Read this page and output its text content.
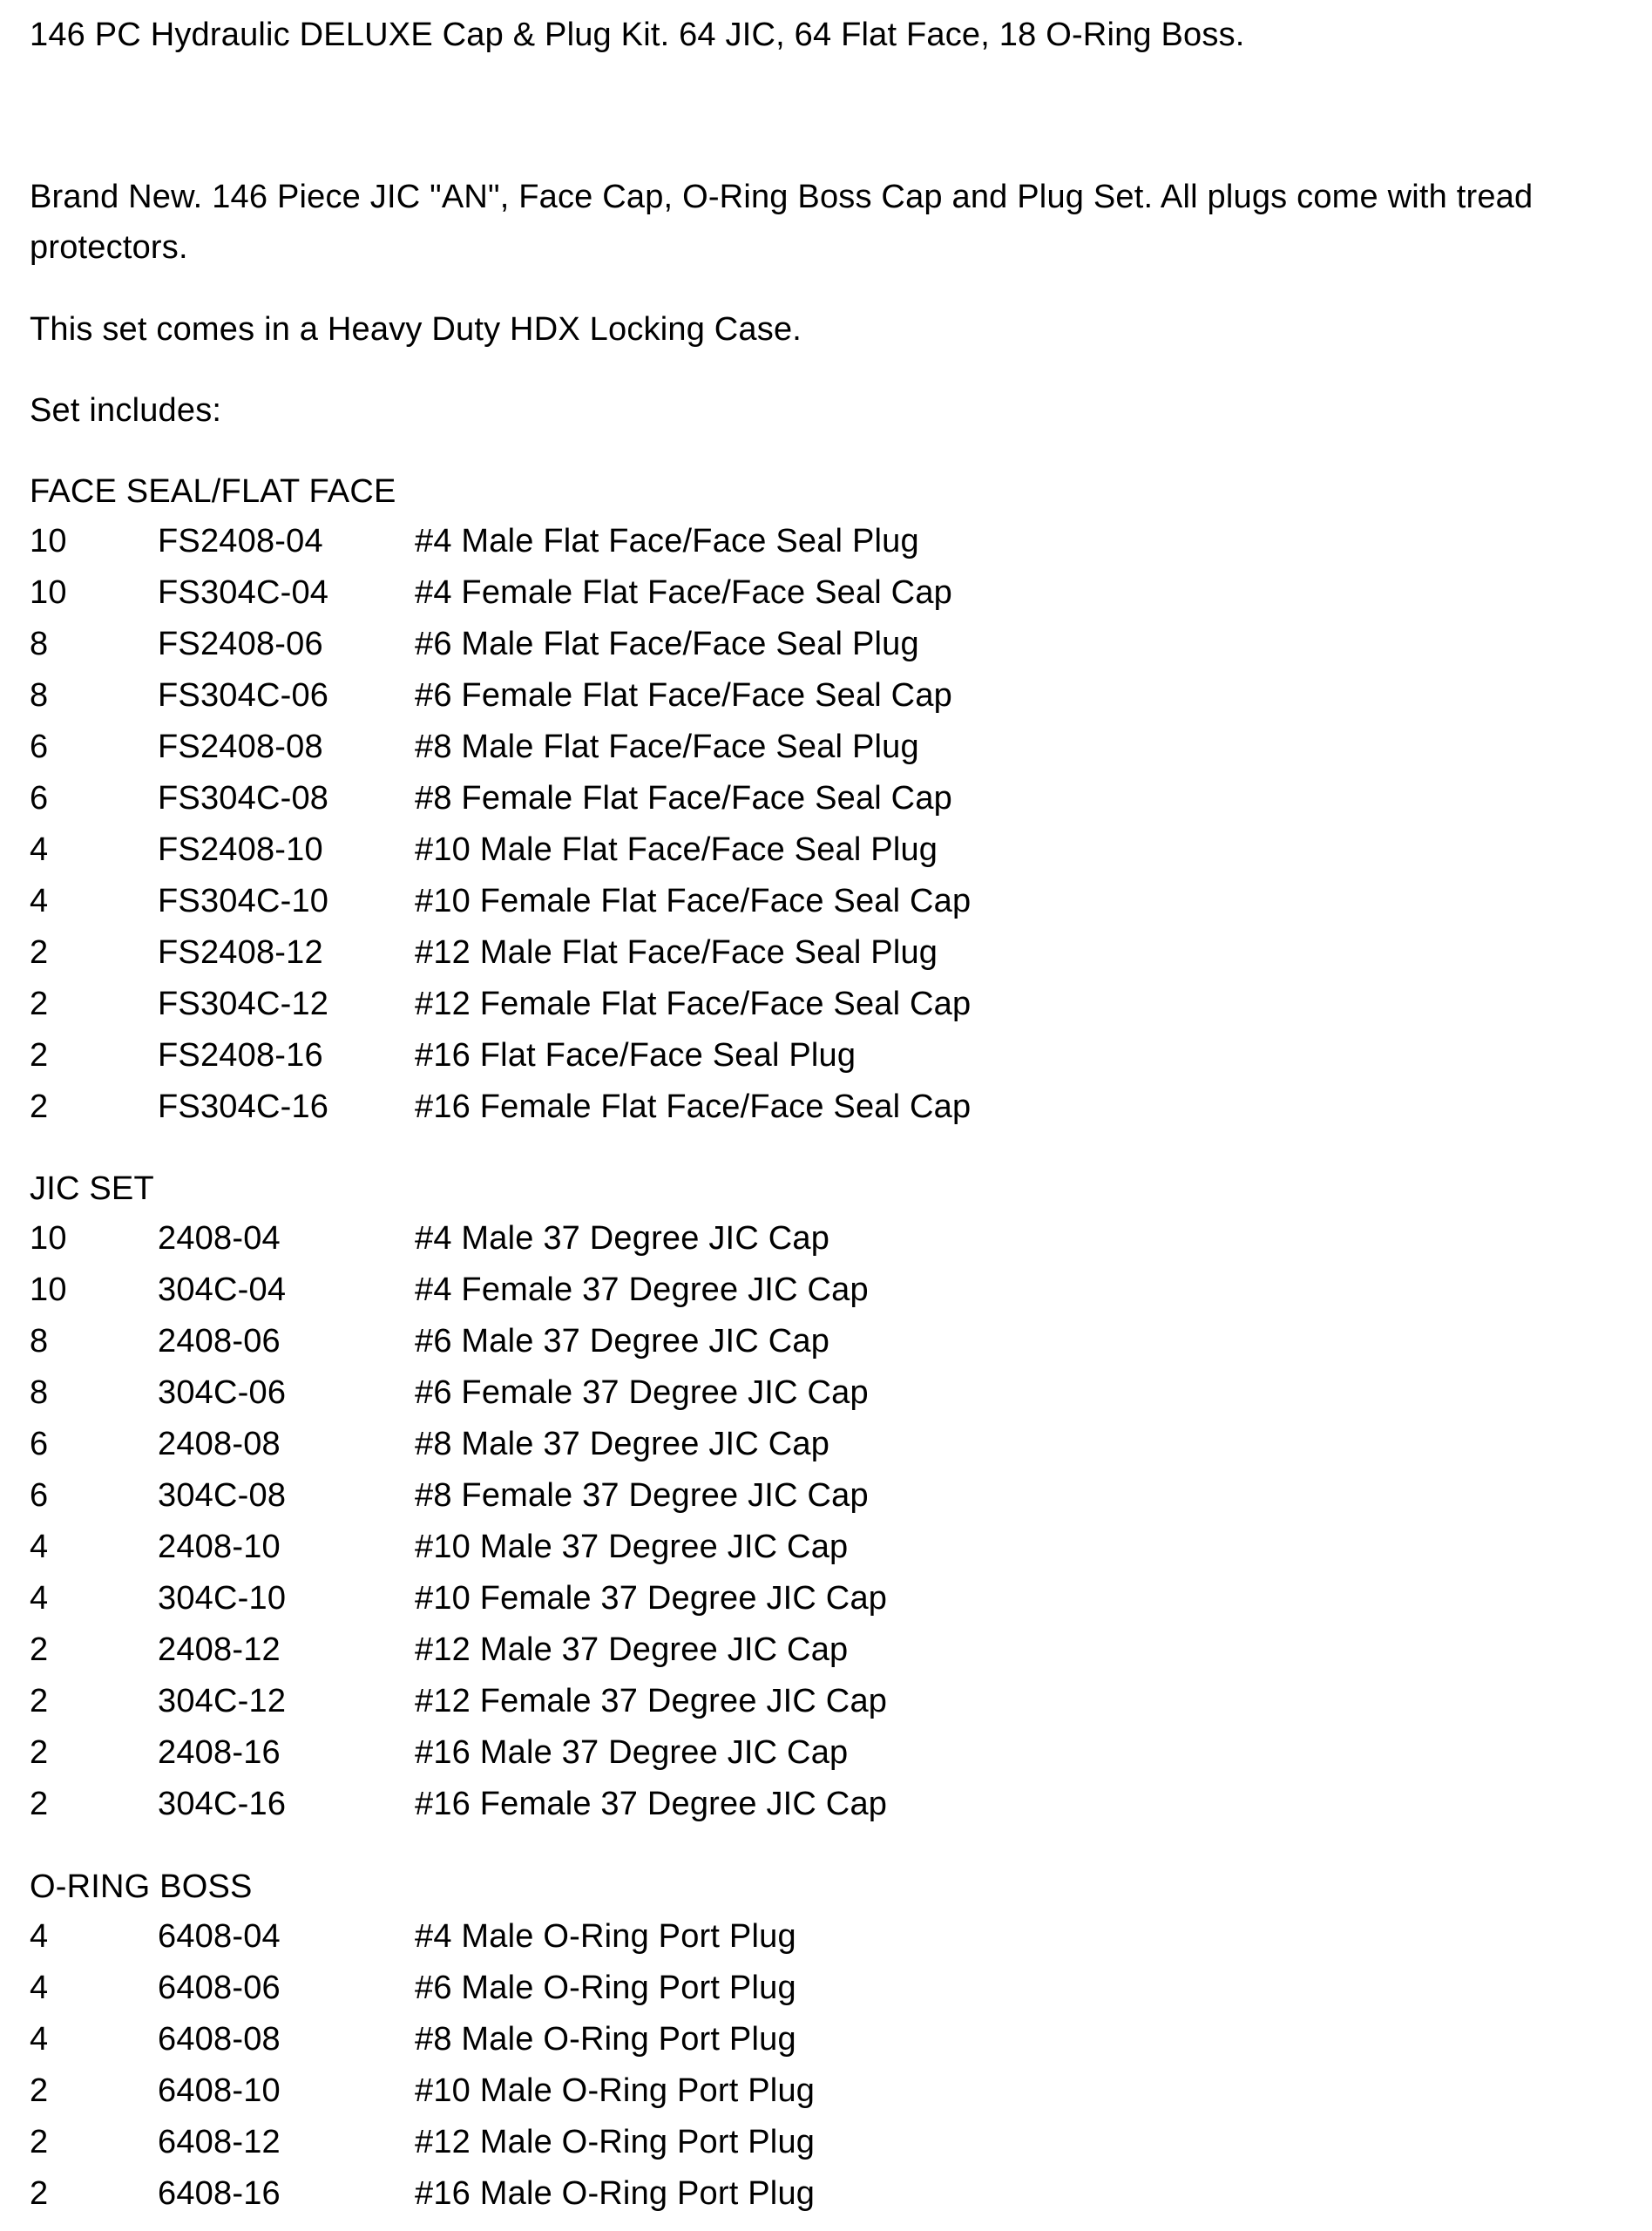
146 PC Hydraulic DELUXE Cap & Plug Kit. 64 JIC, 64 Flat Face, 18 O-Ring Boss.
Brand New. 146 Piece JIC "AN", Face Cap, O-Ring Boss Cap and Plug Set. All plugs come with tread protectors.
This set comes in a Heavy Duty HDX Locking Case.
Set includes:
FACE SEAL/FLAT FACE
10	FS2408-04	#4 Male Flat Face/Face Seal Plug
10	FS304C-04	#4 Female Flat Face/Face Seal Cap
8	FS2408-06	#6 Male Flat Face/Face Seal Plug
8	FS304C-06	#6 Female Flat Face/Face Seal Cap
6	FS2408-08	#8 Male Flat Face/Face Seal Plug
6	FS304C-08	#8 Female Flat Face/Face Seal Cap
4	FS2408-10	#10 Male Flat Face/Face Seal Plug
4	FS304C-10	#10 Female Flat Face/Face Seal Cap
2	FS2408-12	#12 Male Flat Face/Face Seal Plug
2	FS304C-12	#12 Female Flat Face/Face Seal Cap
2	FS2408-16	#16 Flat Face/Face Seal Plug
2	FS304C-16	#16 Female Flat Face/Face Seal Cap
JIC SET
10	2408-04	#4 Male 37 Degree JIC Cap
10	304C-04	#4 Female 37 Degree JIC Cap
8	2408-06	#6 Male 37 Degree JIC Cap
8	304C-06	#6 Female 37 Degree JIC Cap
6	2408-08	#8 Male 37 Degree JIC Cap
6	304C-08	#8 Female 37 Degree JIC Cap
4	2408-10	#10 Male 37 Degree JIC Cap
4	304C-10	#10 Female 37 Degree JIC Cap
2	2408-12	#12 Male 37 Degree JIC Cap
2	304C-12	#12 Female 37 Degree JIC Cap
2	2408-16	#16 Male 37 Degree JIC Cap
2	304C-16	#16 Female 37 Degree JIC Cap
O-RING BOSS
4	6408-04	#4 Male O-Ring Port Plug
4	6408-06	#6 Male O-Ring Port Plug
4	6408-08	#8 Male O-Ring Port Plug
2	6408-10	#10 Male O-Ring Port Plug
2	6408-12	#12 Male O-Ring Port Plug
2	6408-16	#16 Male O-Ring Port Plug
